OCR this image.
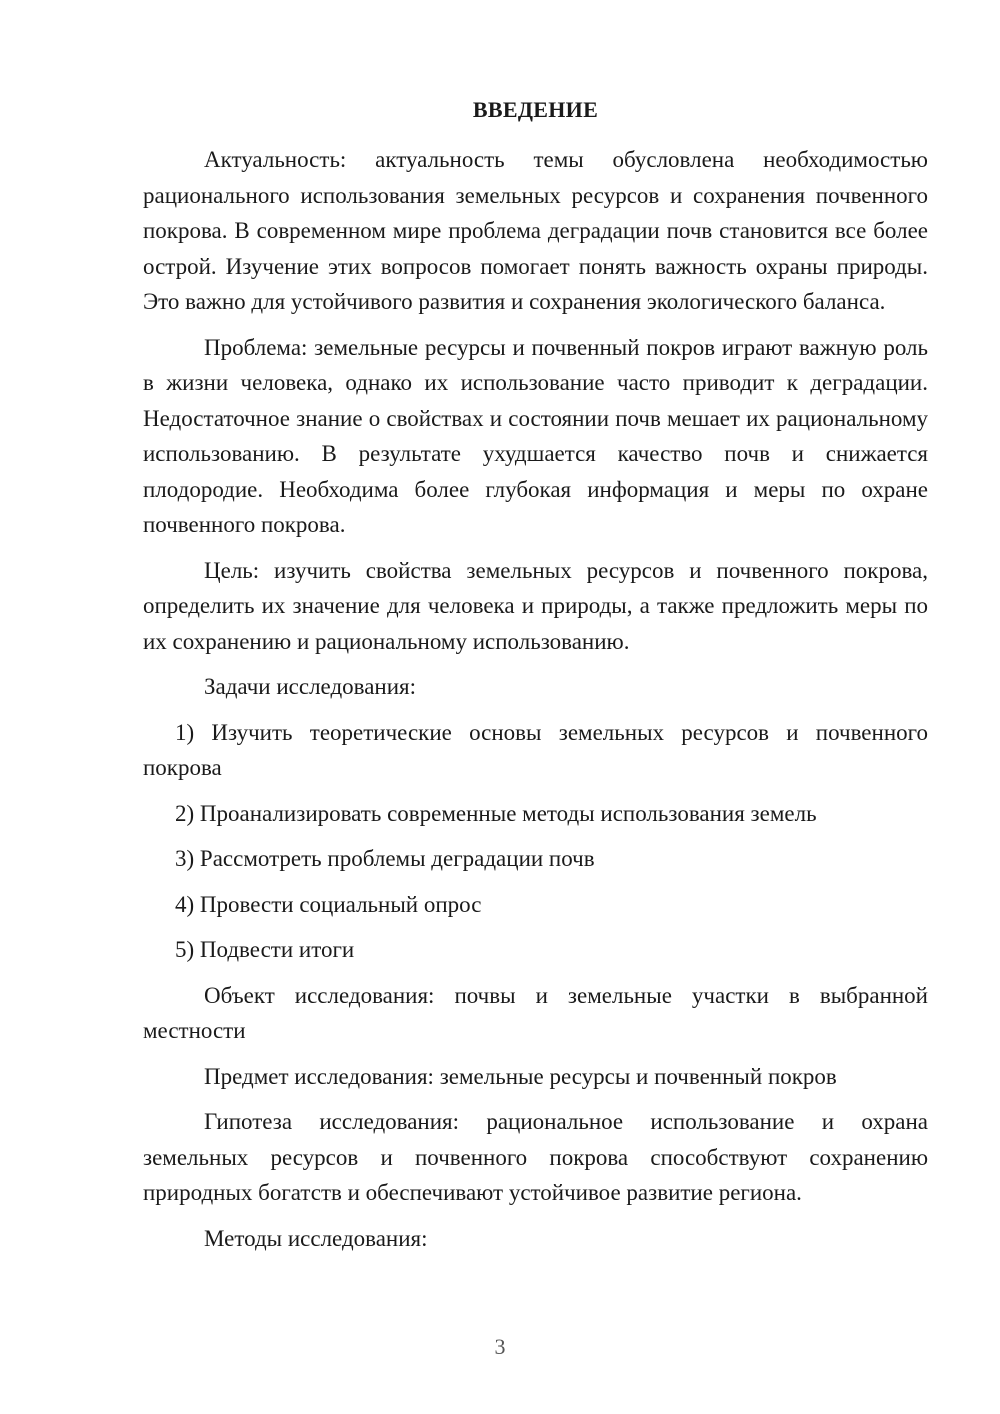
ВВЕДЕНИЕ

Актуальность: актуальность темы обусловлена необходимостью рационального использования земельных ресурсов и сохранения почвенного покрова. В современном мире проблема деградации почв становится все более острой. Изучение этих вопросов помогает понять важность охраны природы. Это важно для устойчивого развития и сохранения экологического баланса.

Проблема: земельные ресурсы и почвенный покров играют важную роль в жизни человека, однако их использование часто приводит к деградации. Недостаточное знание о свойствах и состоянии почв мешает их рациональному использованию. В результате ухудшается качество почв и снижается плодородие. Необходима более глубокая информация и меры по охране почвенного покрова.

Цель: изучить свойства земельных ресурсов и почвенного покрова, определить их значение для человека и природы, а также предложить меры по их сохранению и рациональному использованию.

Задачи исследования:

1) Изучить теоретические основы земельных ресурсов и почвенного покрова

2) Проанализировать современные методы использования земель

3) Рассмотреть проблемы деградации почв

4) Провести социальный опрос

5) Подвести итоги

Объект исследования: почвы и земельные участки в выбранной местности

Предмет исследования: земельные ресурсы и почвенный покров

Гипотеза исследования: рациональное использование и охрана земельных ресурсов и почвенного покрова способствуют сохранению природных богатств и обеспечивают устойчивое развитие региона.

Методы исследования:

3
